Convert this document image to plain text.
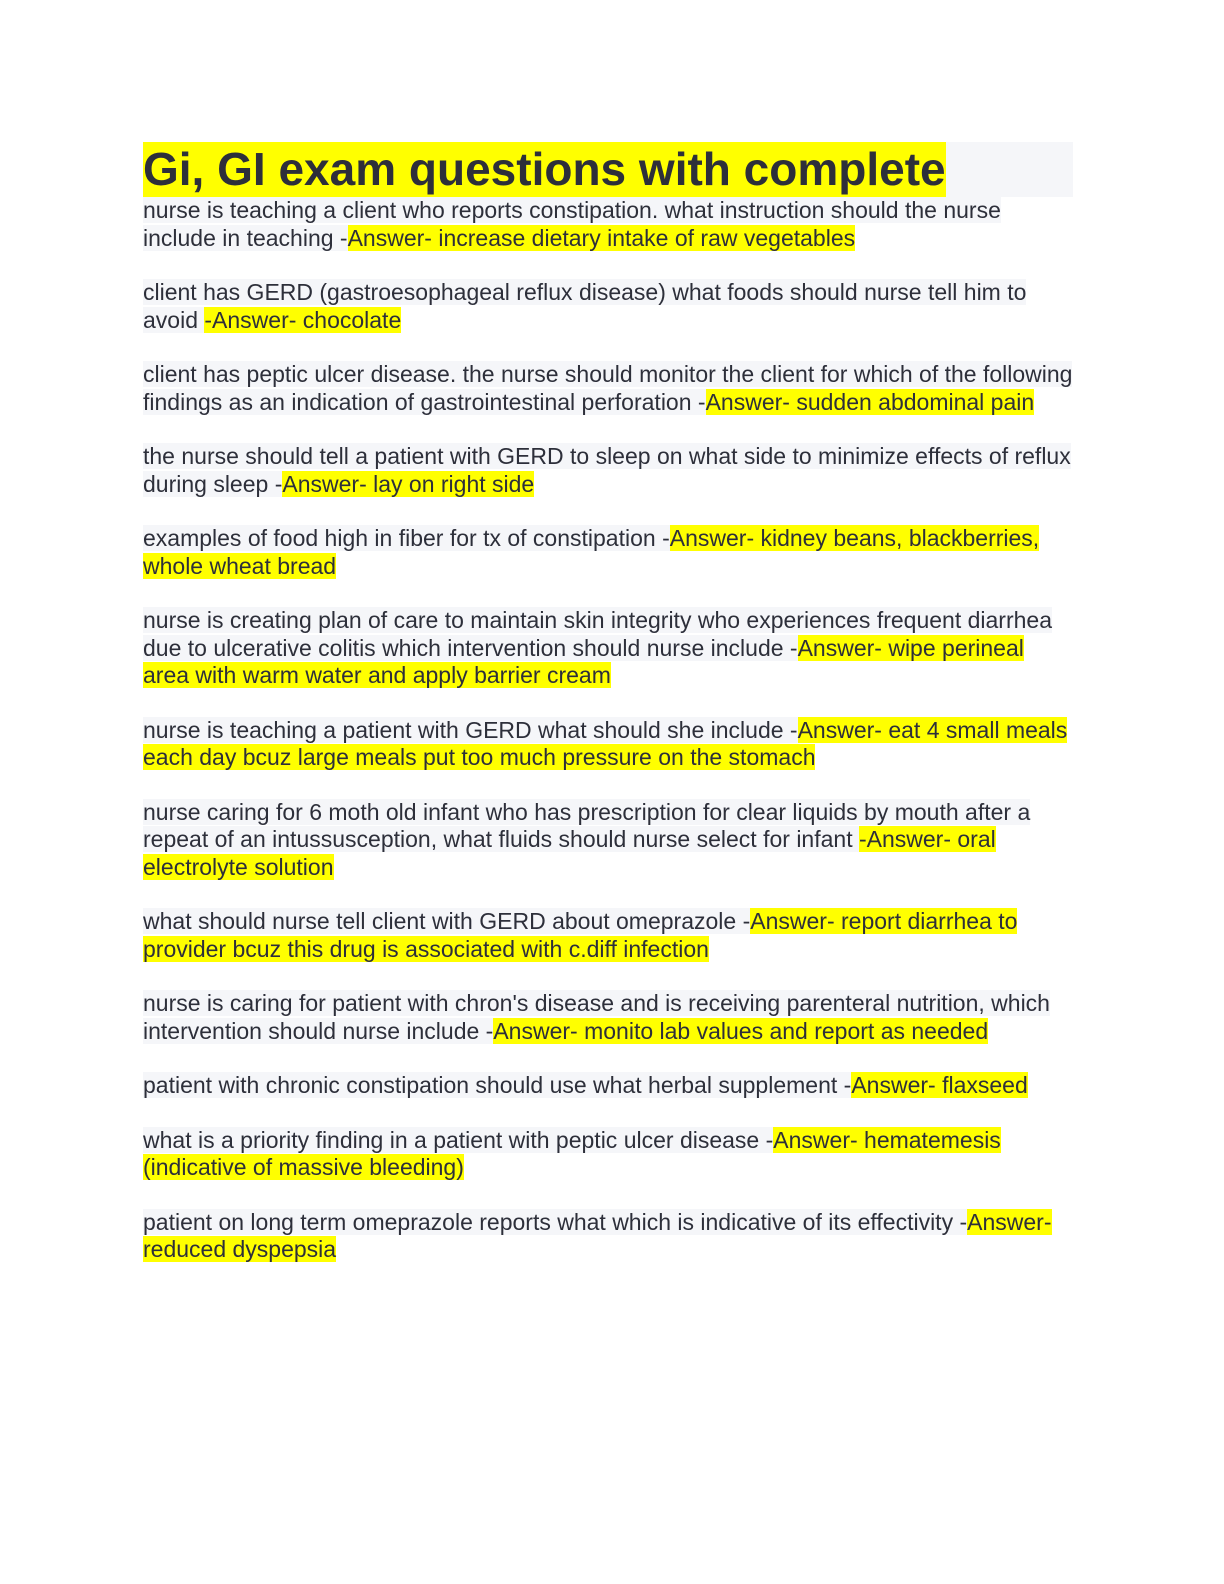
Gi, GI exam questions with complete

nurse is teaching a client who reports constipation. what instruction should the nurse include in teaching -Answer- increase dietary intake of raw vegetables

client has GERD (gastroesophageal reflux disease) what foods should nurse tell him to avoid -Answer- chocolate

client has peptic ulcer disease. the nurse should monitor the client for which of the following findings as an indication of gastrointestinal perforation -Answer- sudden abdominal pain

the nurse should tell a patient with GERD to sleep on what side to minimize effects of reflux during sleep -Answer- lay on right side

examples of food high in fiber for tx of constipation -Answer- kidney beans, blackberries, whole wheat bread

nurse is creating plan of care to maintain skin integrity who experiences frequent diarrhea due to ulcerative colitis which intervention should nurse include -Answer- wipe perineal area with warm water and apply barrier cream

nurse is teaching a patient with GERD what should she include -Answer- eat 4 small meals each day bcuz large meals put too much pressure on the stomach

nurse caring for 6 moth old infant who has prescription for clear liquids by mouth after a repeat of an intussusception, what fluids should nurse select for infant -Answer- oral electrolyte solution

what should nurse tell client with GERD about omeprazole -Answer- report diarrhea to provider bcuz this drug is associated with c.diff infection

nurse is caring for patient with chron's disease and is receiving parenteral nutrition, which intervention should nurse include -Answer- monito lab values and report as needed

patient with chronic constipation should use what herbal supplement -Answer- flaxseed

what is a priority finding in a patient with peptic ulcer disease -Answer- hematemesis (indicative of massive bleeding)

patient on long term omeprazole reports what which is indicative of its effectivity -Answer- reduced dyspepsia
